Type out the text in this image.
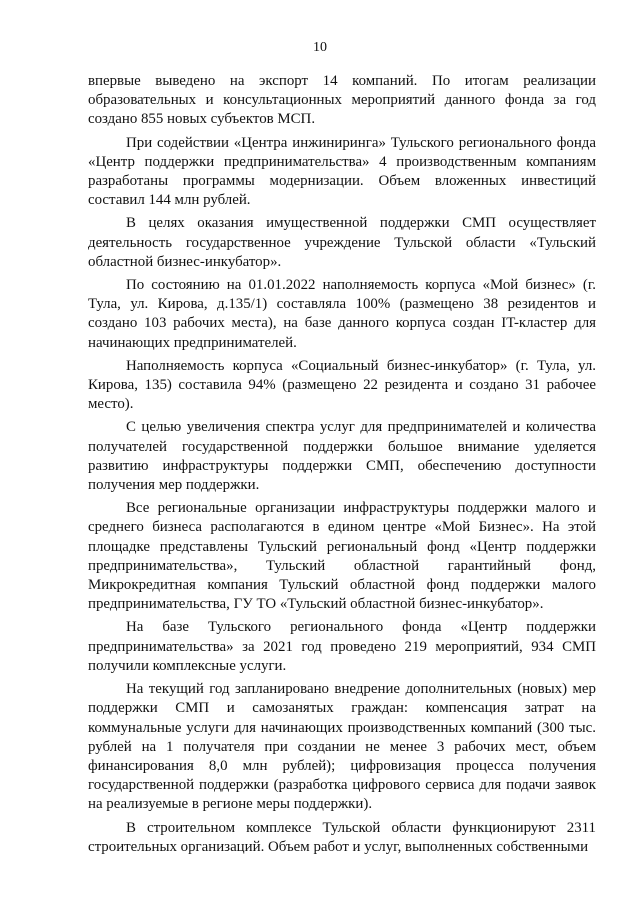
10

впервые выведено на экспорт 14 компаний. По итогам реализации образовательных и консультационных мероприятий данного фонда за год создано 855 новых субъектов МСП.

При содействии «Центра инжиниринга» Тульского регионального фонда «Центр поддержки предпринимательства» 4 производственным компаниям разработаны программы модернизации. Объем вложенных инвестиций составил 144 млн рублей.

В целях оказания имущественной поддержки СМП осуществляет деятельность государственное учреждение Тульской области «Тульский областной бизнес-инкубатор».

По состоянию на 01.01.2022 наполняемость корпуса «Мой бизнес» (г. Тула, ул. Кирова, д.135/1) составляла 100% (размещено 38 резидентов и создано 103 рабочих места), на базе данного корпуса создан IT-кластер для начинающих предпринимателей.

Наполняемость корпуса «Социальный бизнес-инкубатор» (г. Тула, ул. Кирова, 135) составила 94% (размещено 22 резидента и создано 31 рабочее место).

С целью увеличения спектра услуг для предпринимателей и количества получателей государственной поддержки большое внимание уделяется развитию инфраструктуры поддержки СМП, обеспечению доступности получения мер поддержки.

Все региональные организации инфраструктуры поддержки малого и среднего бизнеса располагаются в едином центре «Мой Бизнес». На этой площадке представлены Тульский региональный фонд «Центр поддержки предпринимательства», Тульский областной гарантийный фонд, Микрокредитная компания Тульский областной фонд поддержки малого предпринимательства, ГУ ТО «Тульский областной бизнес-инкубатор».

На базе Тульского регионального фонда «Центр поддержки предпринимательства» за 2021 год проведено 219 мероприятий, 934 СМП получили комплексные услуги.

На текущий год запланировано внедрение дополнительных (новых) мер поддержки СМП и самозанятых граждан: компенсация затрат на коммунальные услуги для начинающих производственных компаний (300 тыс. рублей на 1 получателя при создании не менее 3 рабочих мест, объем финансирования 8,0 млн рублей); цифровизация процесса получения государственной поддержки (разработка цифрового сервиса для подачи заявок на реализуемые в регионе меры поддержки).

В строительном комплексе Тульской области функционируют 2311 строительных организаций. Объем работ и услуг, выполненных собственными
